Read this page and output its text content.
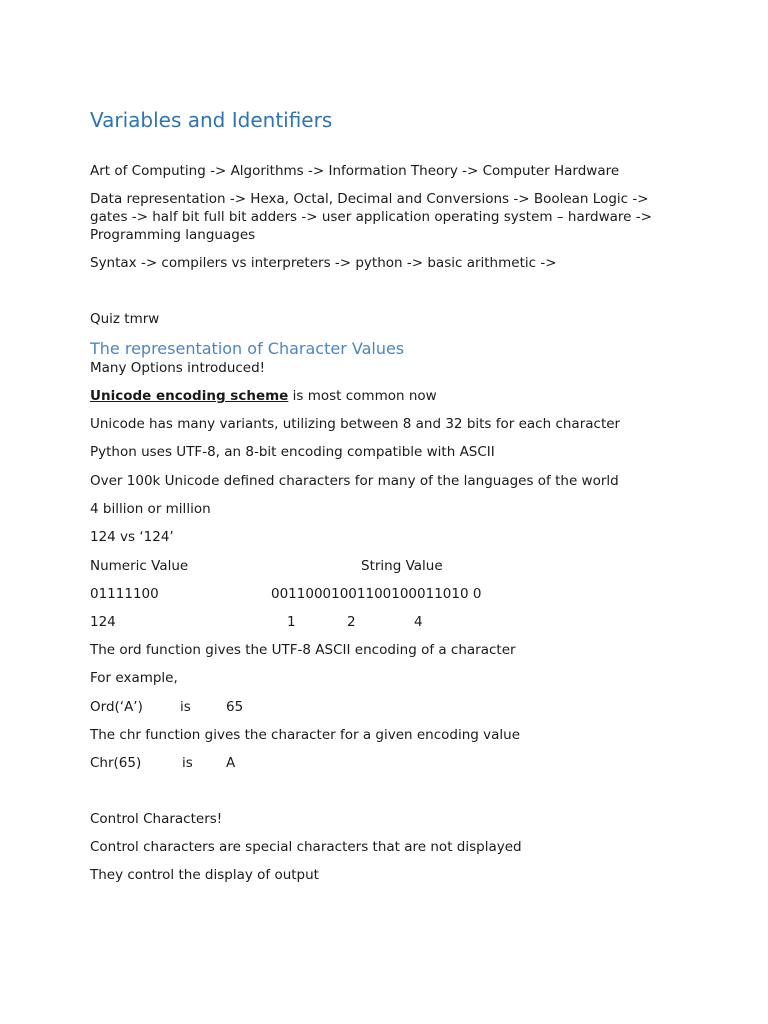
Variables and Identifiers
Art of Computing -> Algorithms -> Information Theory -> Computer Hardware
Data representation -> Hexa, Octal, Decimal and Conversions -> Boolean Logic -> gates -> half bit full bit adders -> user application operating system – hardware -> Programming languages
Syntax -> compilers vs interpreters -> python -> basic arithmetic ->
Quiz tmrw
The representation of Character Values
Many Options introduced!
Unicode encoding scheme is most common now
Unicode has many variants, utilizing between 8 and 32 bits for each character
Python uses UTF-8, an 8-bit encoding compatible with ASCII
Over 100k Unicode defined characters for many of the languages of the world
4 billion or million
124 vs ‘124’
Numeric Value	String Value
01111100	00110001001100100011010 0
124	1	2	4
The ord function gives the UTF-8 ASCII encoding of a character
For example,
Ord(‘A’)	is	65
The chr function gives the character for a given encoding value
Chr(65)	is A
Control Characters!
Control characters are special characters that are not displayed
They control the display of output
